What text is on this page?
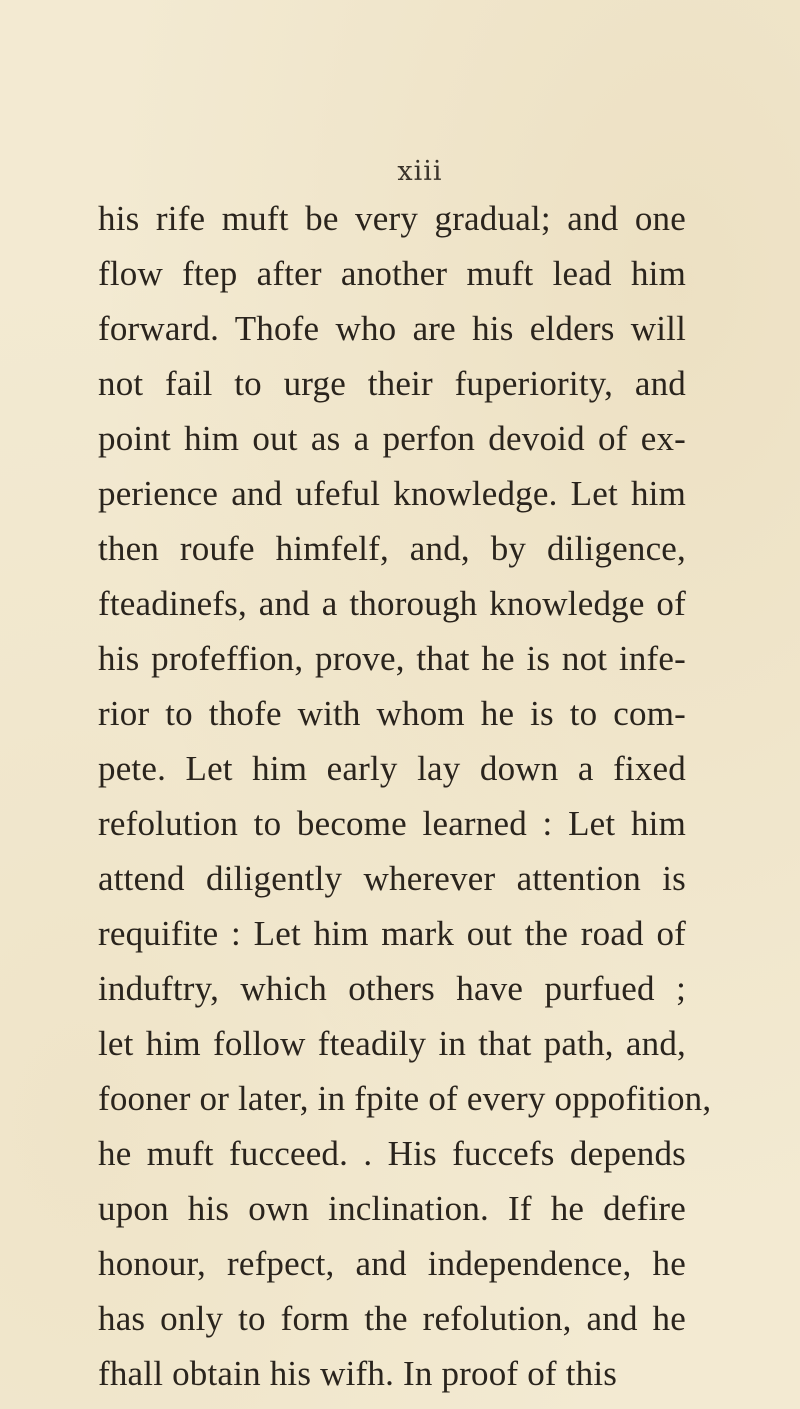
xiii
his rife muft be very gradual; and one
flow ftep after another muft lead him
forward. Thofe who are his elders will
not fail to urge their fuperiority, and
point him out as a perfon devoid of ex-
perience and ufeful knowledge. Let him
then roufe himfelf, and, by diligence,
fteadinefs, and a thorough knowledge of
his profeffion, prove, that he is not infe-
rior to thofe with whom he is to com-
pete. Let him early lay down a fixed
refolution to become learned : Let him
attend diligently wherever attention is
requifite : Let him mark out the road of
induftry, which others have purfued ;
let him follow fteadily in that path, and,
fooner or later, in fpite of every oppofition,
he muft fucceed. . His fuccefs depends
upon his own inclination. If he defire
honour, refpect, and independence, he
has only to form the refolution, and he
fhall obtain his wifh. In proof of this
